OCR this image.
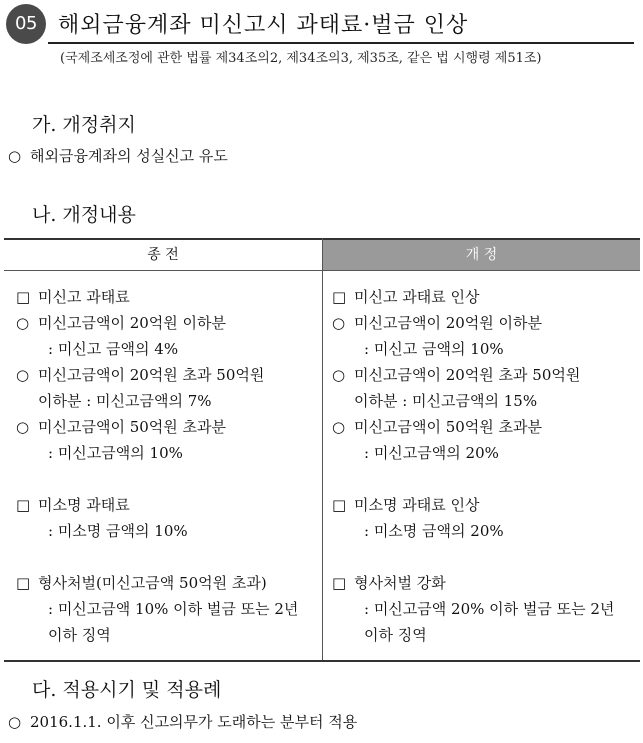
05 해외금융계좌 미신고시 과태료·벌금 인상
(국제조세조정에 관한 법률 제34조의2, 제34조의3, 제35조, 같은 법 시행령 제51조)
가. 개정취지
○ 해외금융계좌의 성실신고 유도
나. 개정내용
종 전	개 정
□ 미신고 과태료
○ 미신고금액이 20억원 이하분
: 미신고 금액의 4%
○ 미신고금액이 20억원 초과 50억원
이하분 : 미신고금액의 7%
○ 미신고금액이 50억원 초과분
: 미신고금액의 10%
□ 미소명 과태료
: 미소명 금액의 10%
□ 형사처벌(미신고금액 50억원 초과)
: 미신고금액 10% 이하 벌금 또는 2년
이하 징역
□ 미신고 과태료 인상
○ 미신고금액이 20억원 이하분
: 미신고 금액의 10%
○ 미신고금액이 20억원 초과 50억원
이하분 : 미신고금액의 15%
○ 미신고금액이 50억원 초과분
: 미신고금액의 20%
□ 미소명 과태료 인상
: 미소명 금액의 20%
□ 형사처벌 강화
: 미신고금액 20% 이하 벌금 또는 2년
이하 징역
다. 적용시기 및 적용례
○ 2016.1.1. 이후 신고의무가 도래하는 분부터 적용
